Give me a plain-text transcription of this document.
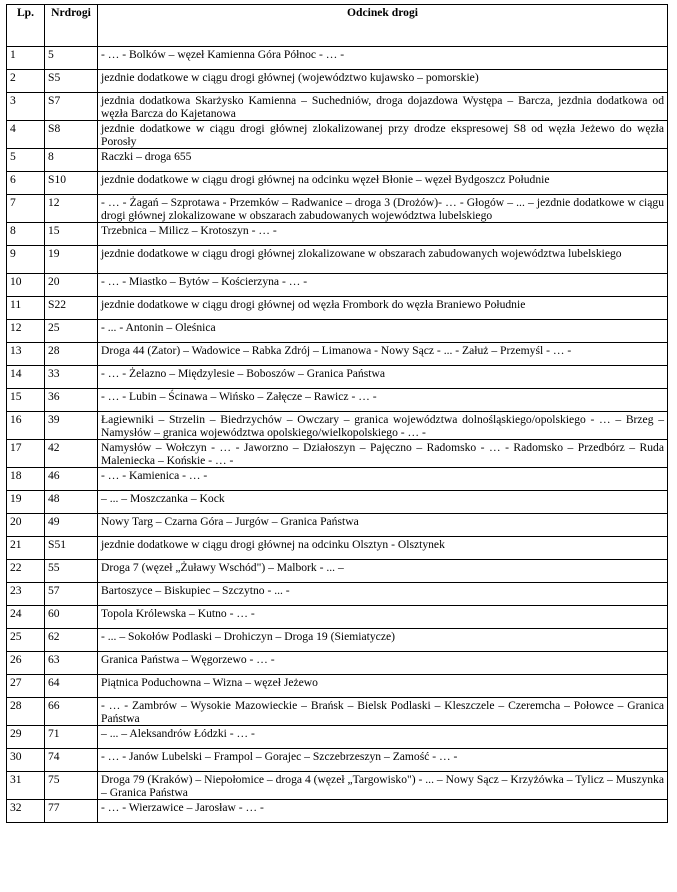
Lp.	Nrdrogi	Odcinek drogi
1	5	- … - Bolków – węzeł Kamienna Góra Północ - … -
2	S5	jezdnie dodatkowe w ciągu drogi głównej (województwo kujawsko – pomorskie)
3	S7	jezdnia dodatkowa Skarżysko Kamienna – Suchedniów, droga dojazdowa Występa – Barcza, jezdnia dodatkowa od węzła Barcza do Kajetanowa
4	S8	jezdnie dodatkowe w ciągu drogi głównej zlokalizowanej przy drodze ekspresowej S8 od węzła Jeżewo do węzła Porosły
5	8	Raczki – droga 655
6	S10	jezdnie dodatkowe w ciągu drogi głównej na odcinku węzeł Błonie – węzeł Bydgoszcz Południe
7	12	- … - Żagań – Szprotawa - Przemków – Radwanice – droga 3 (Drożów)- … - Głogów – ... – jezdnie dodatkowe w ciągu drogi głównej zlokalizowane w obszarach zabudowanych województwa lubelskiego
8	15	Trzebnica – Milicz – Krotoszyn - … -
9	19	jezdnie dodatkowe w ciągu drogi głównej zlokalizowane w obszarach zabudowanych województwa lubelskiego
10	20	- … - Miastko – Bytów – Kościerzyna - … -
11	S22	jezdnie dodatkowe w ciągu drogi głównej od węzła Frombork do węzła Braniewo Południe
12	25	- ... - Antonin – Oleśnica
13	28	Droga 44 (Zator) – Wadowice – Rabka Zdrój – Limanowa - Nowy Sącz - ... - Załuż – Przemyśl - … -
14	33	- … - Żelazno – Międzylesie – Boboszów – Granica Państwa
15	36	- … - Lubin – Ścinawa – Wińsko – Załęcze – Rawicz - … -
16	39	Łagiewniki – Strzelin – Biedrzychów – Owczary – granica województwa dolnośląskiego/opolskiego - … – Brzeg – Namysłów – granica województwa opolskiego/wielkopolskiego - … -
17	42	Namysłów – Wołczyn - … - Jaworzno – Działoszyn – Pajęczno – Radomsko - … - Radomsko – Przedbórz – Ruda Maleniecka – Końskie - … -
18	46	- … - Kamienica - … -
19	48	– ... – Moszczanka – Kock
20	49	Nowy Targ – Czarna Góra – Jurgów – Granica Państwa
21	S51	jezdnie dodatkowe w ciągu drogi głównej na odcinku Olsztyn - Olsztynek
22	55	Droga 7 (węzeł „Żuławy Wschód") – Malbork - ... –
23	57	Bartoszyce – Biskupiec – Szczytno - ... -
24	60	Topola Królewska – Kutno - … -
25	62	- ... – Sokołów Podlaski – Drohiczyn – Droga 19 (Siemiatycze)
26	63	Granica Państwa – Węgorzewo - … -
27	64	Piątnica Poduchowna – Wizna – węzeł Jeżewo
28	66	- … - Zambrów – Wysokie Mazowieckie – Brańsk – Bielsk Podlaski – Kleszczele – Czeremcha – Połowce – Granica Państwa
29	71	– ... – Aleksandrów Łódzki - … -
30	74	- … - Janów Lubelski – Frampol – Gorajec – Szczebrzeszyn – Zamość - … -
31	75	Droga 79 (Kraków) – Niepołomice – droga 4 (węzeł „Targowisko") - ... – Nowy Sącz – Krzyżówka – Tylicz – Muszynka – Granica Państwa
32	77	- … - Wierzawice – Jarosław - … -
